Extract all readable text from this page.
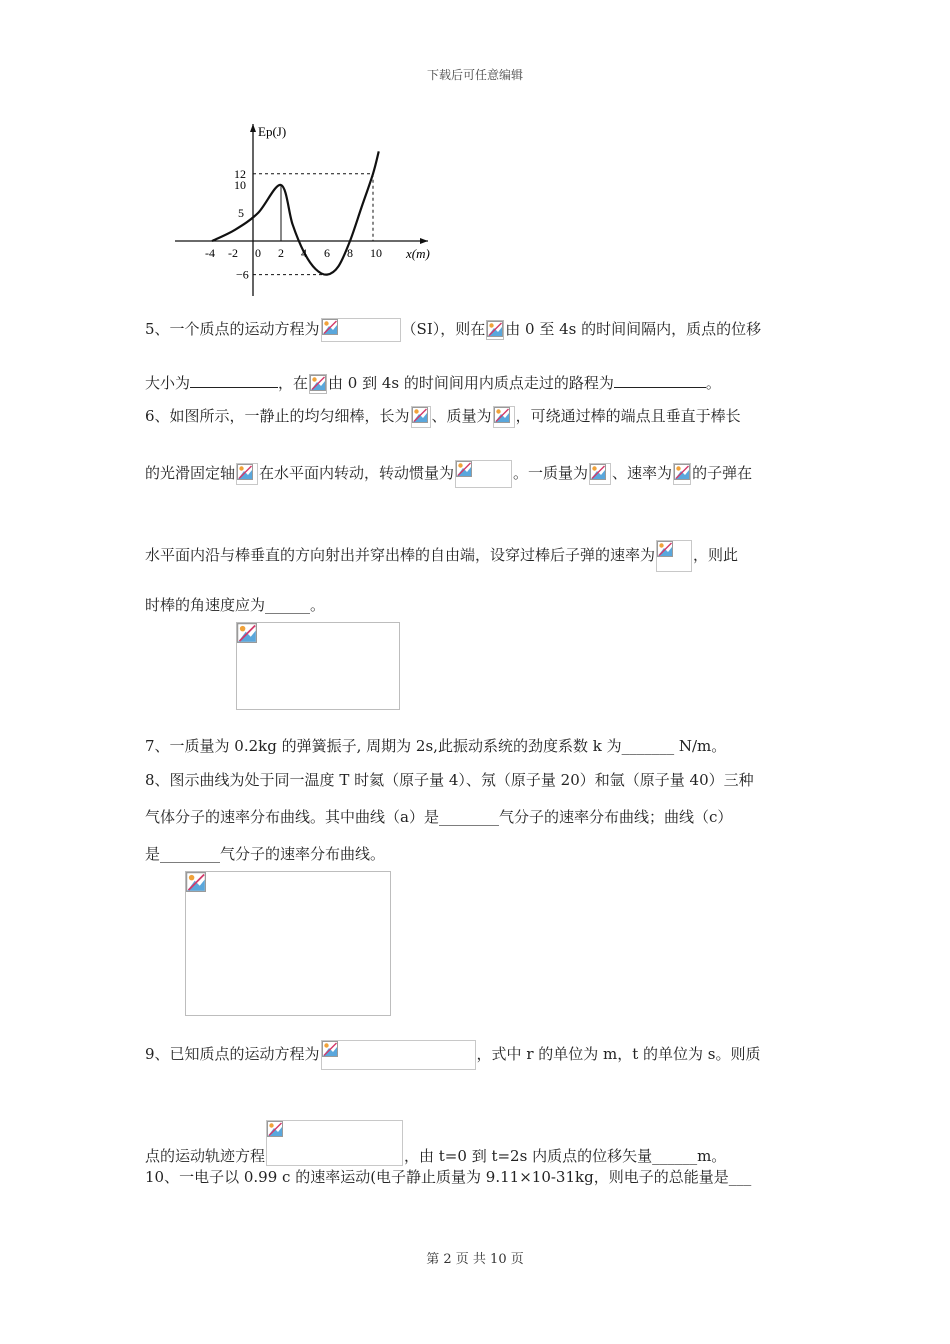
下载后可任意编辑
-4 -2 0 2 4 6 8 10
12
10
5
−6
x(m)
Ep(J)
5、一个质点的运动方程为	（SI），则在 由 0 至 4s 的时间间隔内，质点的位移
大小为	，在 由 0 到 4s 的时间间用内质点走过的路程为	。
6、如图所示，一静止的均匀细棒，长为 、质量为 ，可绕通过棒的端点且垂直于棒长
的光滑固定轴 在水平面内转动，转动惯量为	。一质量为 、速率为 的子弹在
水平面内沿与棒垂直的方向射出并穿出棒的自由端，设穿过棒后子弹的速率为	，则此
时棒的角速度应为______。
7、一质量为 0.2kg 的弹簧振子, 周期为 2s,此振动系统的劲度系数 k 为_______ N/m。
8、图示曲线为处于同一温度 T 时氦（原子量 4）、氖（原子量 20）和氩（原子量 40）三种
气体分子的速率分布曲线。其中曲线（a）是________气分子的速率分布曲线；曲线（c）
是________气分子的速率分布曲线。
9、已知质点的运动方程为	，式中 r 的单位为 m，t 的单位为 s。则质
点的运动轨迹方程	，由 t=0 到 t=2s 内质点的位移矢量______m。
10、一电子以 0.99 c 的速率运动(电子静止质量为 9.11×10-31kg，则电子的总能量是___
第 2 页 共 10 页
